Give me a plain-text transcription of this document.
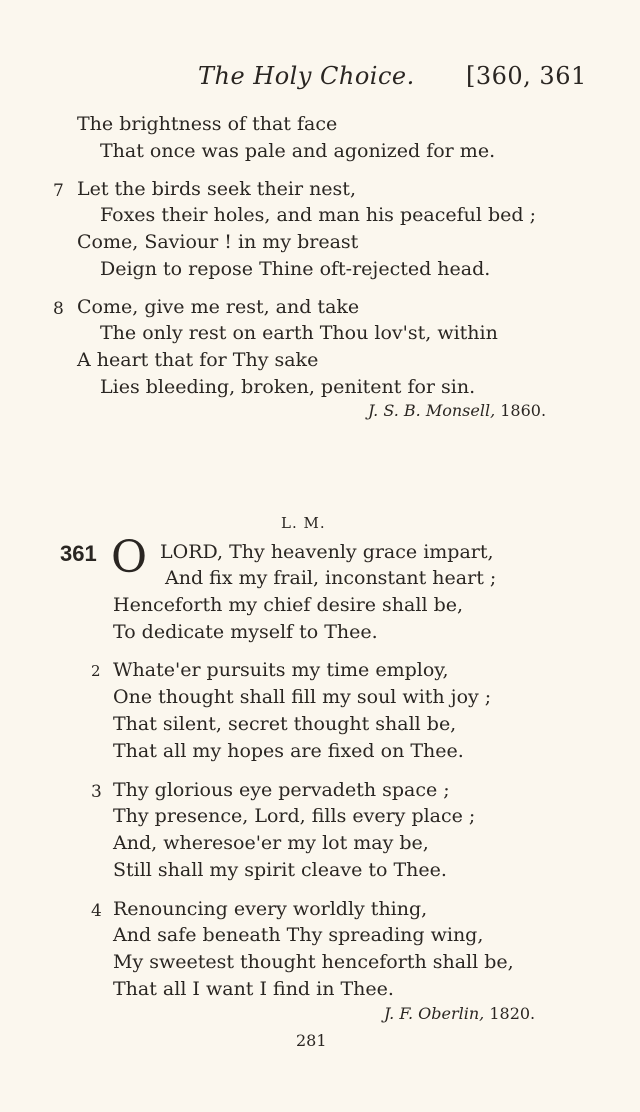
The Holy Choice. [360, 361
The brightness of that face
That once was pale and agonized for me.
7 Let the birds seek their nest,
Foxes their holes, and man his peaceful bed ;
Come, Saviour ! in my breast
Deign to repose Thine oft-rejected head.
8 Come, give me rest, and take
The only rest on earth Thou lov'st, within
A heart that for Thy sake
Lies bleeding, broken, penitent for sin.
J. S. B. Monsell, 1860.
L. M.
361 O LORD, Thy heavenly grace impart,
And fix my frail, inconstant heart ;
Henceforth my chief desire shall be,
To dedicate myself to Thee.
2 Whate'er pursuits my time employ,
One thought shall fill my soul with joy ;
That silent, secret thought shall be,
That all my hopes are fixed on Thee.
3 Thy glorious eye pervadeth space ;
Thy presence, Lord, fills every place ;
And, wheresoe'er my lot may be,
Still shall my spirit cleave to Thee.
4 Renouncing every worldly thing,
And safe beneath Thy spreading wing,
My sweetest thought henceforth shall be,
That all I want I find in Thee.
J. F. Oberlin, 1820.
281
